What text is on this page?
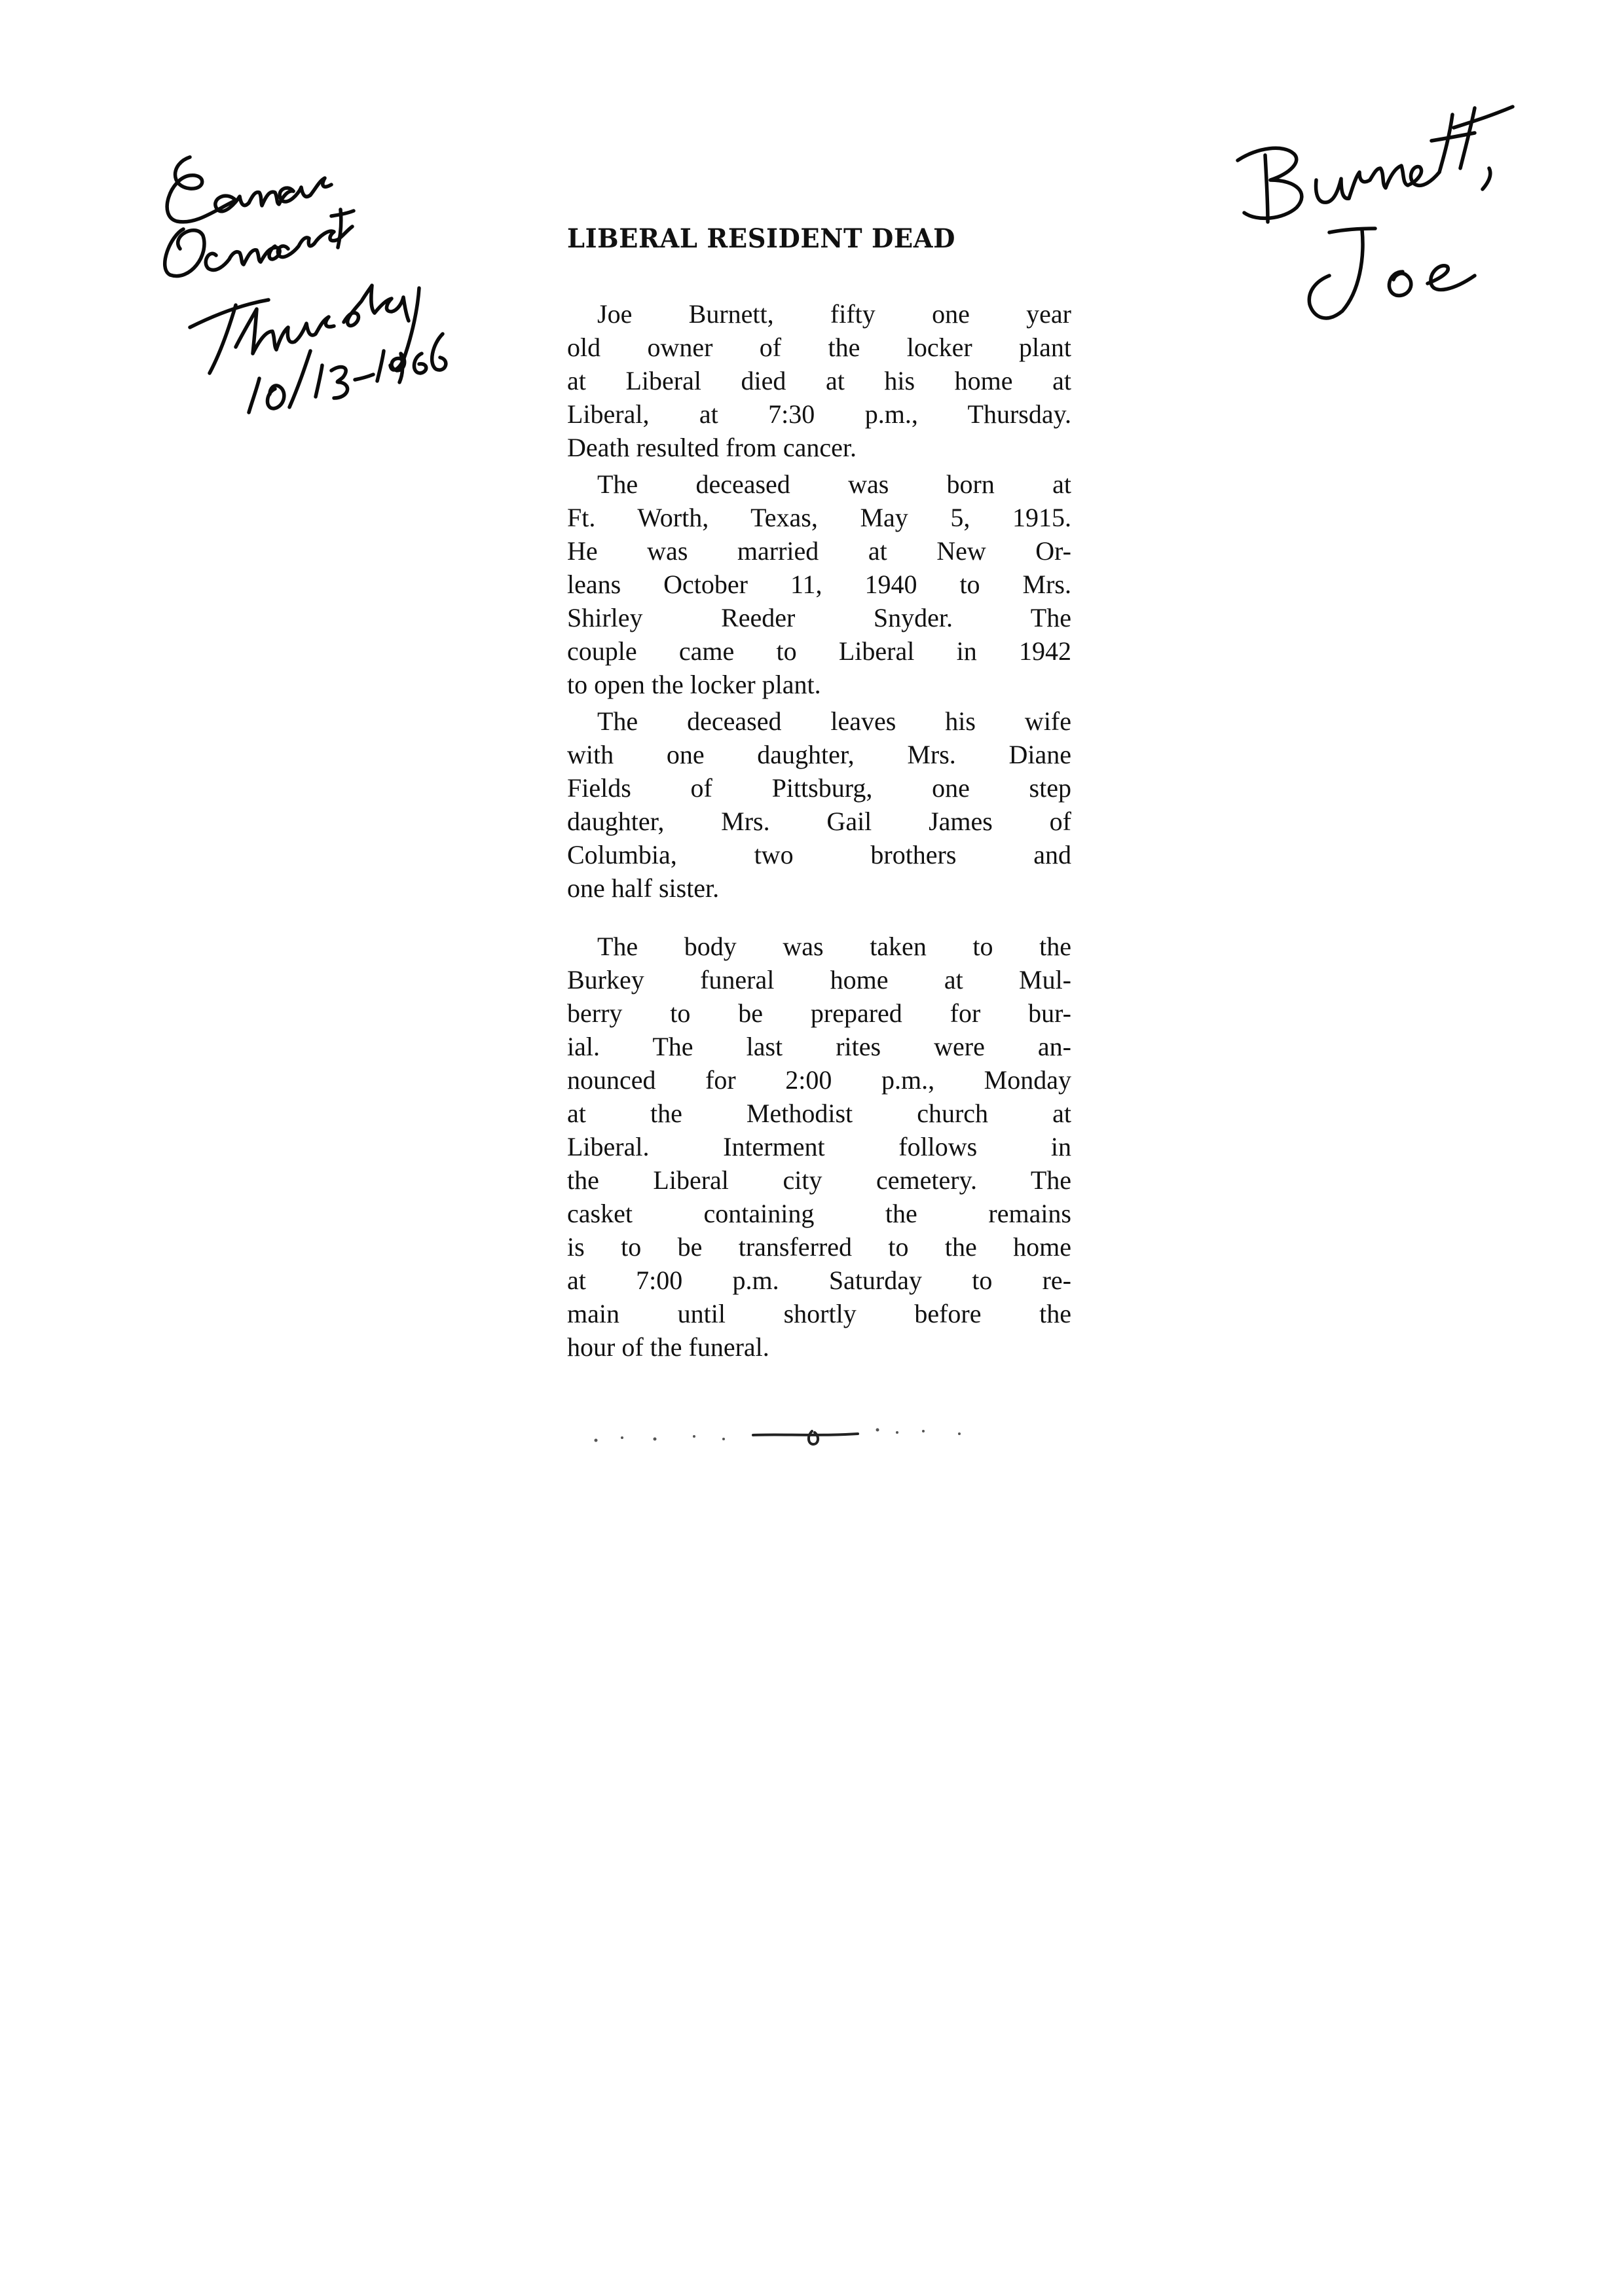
LIBERAL RESIDENT DEAD
Joe Burnett, fifty one year
old owner of the locker plant
at Liberal died at his home at
Liberal, at 7:30 p.m., Thursday.
Death resulted from cancer.
The deceased was born at
Ft. Worth, Texas, May 5, 1915.
He was married at New Or-
leans October 11, 1940 to Mrs.
Shirley Reeder Snyder. The
couple came to Liberal in 1942
to open the locker plant.
The deceased leaves his wife
with one daughter, Mrs. Diane
Fields of Pittsburg, one step
daughter, Mrs. Gail James of
Columbia, two brothers and
one half sister.
The body was taken to the
Burkey funeral home at Mul-
berry to be prepared for bur-
ial. The last rites were an-
nounced for 2:00 p.m., Monday
at the Methodist church at
Liberal. Interment follows in
the Liberal city cemetery. The
casket containing the remains
is to be transferred to the home
at 7:00 p.m. Saturday to re-
main until shortly before the
hour of the funeral.
